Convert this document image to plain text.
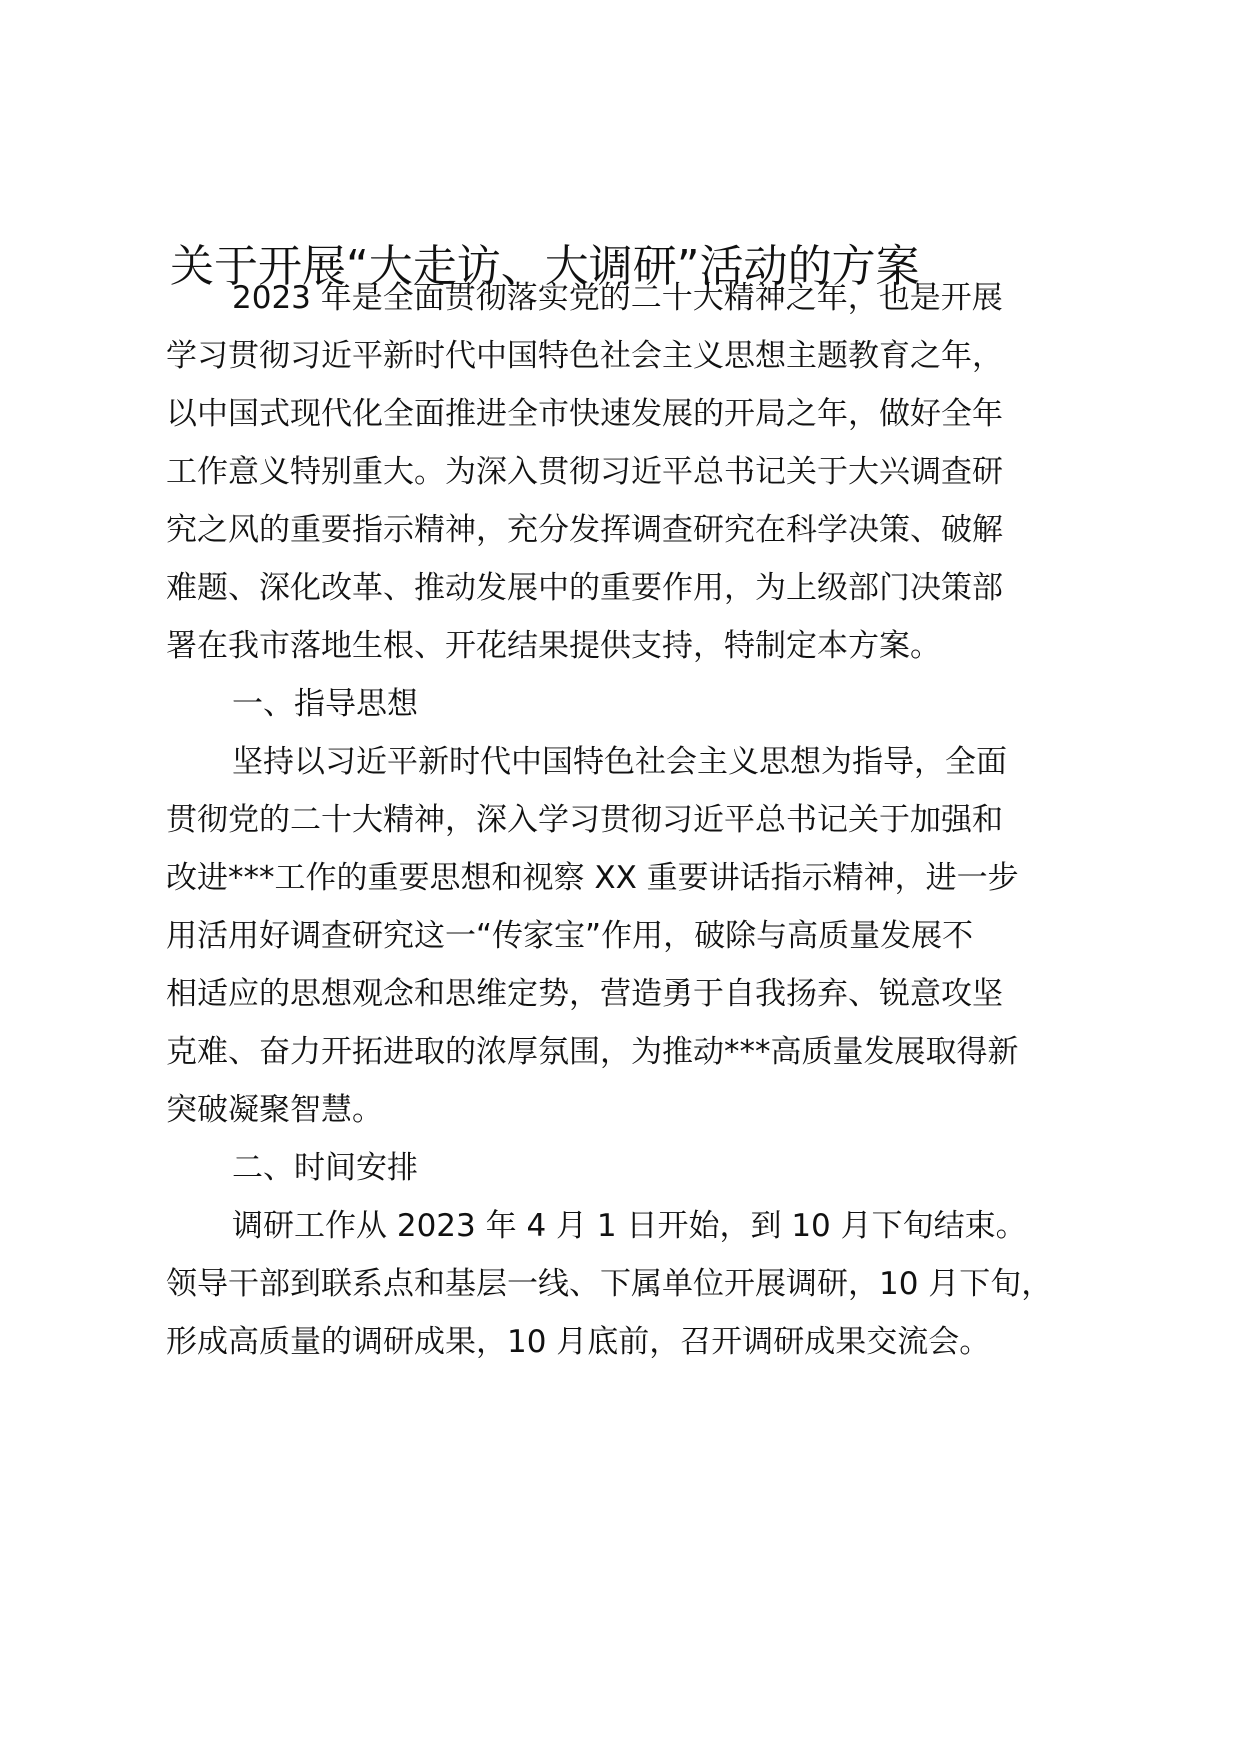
关于开展“大走访、大调研”活动的方案

2023 年是全面贯彻落实党的二十大精神之年，也是开展

学习贯彻习近平新时代中国特色社会主义思想主题教育之年，

以中国式现代化全面推进全市快速发展的开局之年，做好全年

工作意义特别重大。为深入贯彻习近平总书记关于大兴调查研

究之风的重要指示精神，充分发挥调查研究在科学决策、破解

难题、深化改革、推动发展中的重要作用，为上级部门决策部

署在我市落地生根、开花结果提供支持，特制定本方案。

一、指导思想

坚持以习近平新时代中国特色社会主义思想为指导，全面

贯彻党的二十大精神，深入学习贯彻习近平总书记关于加强和

改进***工作的重要思想和视察 XX 重要讲话指示精神，进一步

用活用好调查研究这一“传家宝”作用，破除与高质量发展不

相适应的思想观念和思维定势，营造勇于自我扬弃、锐意攻坚

克难、奋力开拓进取的浓厚氛围，为推动***高质量发展取得新

突破凝聚智慧。

二、时间安排

调研工作从 2023 年 4 月 1 日开始，到 10 月下旬结束。

领导干部到联系点和基层一线、下属单位开展调研，10 月下旬，

形成高质量的调研成果，10 月底前，召开调研成果交流会。
